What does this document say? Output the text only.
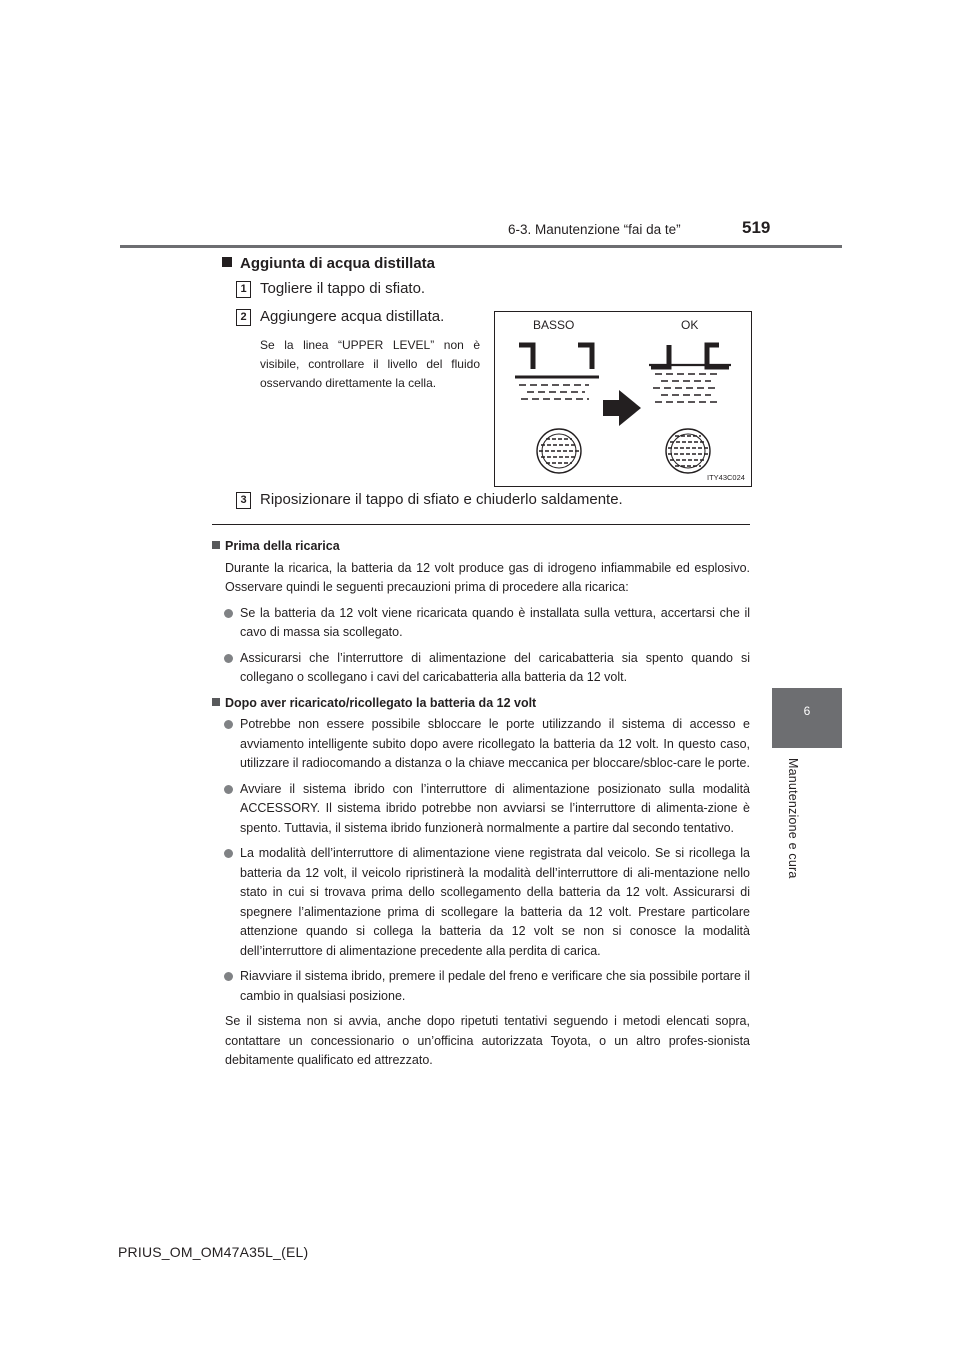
6-3. Manutenzione “fai da te”	519
6
Manutenzione e cura
Aggiunta di acqua distillata
1 Togliere il tappo di sfiato.
2 Aggiungere acqua distillata.
Se la linea “UPPER LEVEL” non è visibile, controllare il livello del fluido osservando direttamente la cella.
3 Riposizionare il tappo di sfiato e chiuderlo saldamente.
BASSO	OK
ITY43C024
Prima della ricarica
Durante la ricarica, la batteria da 12 volt produce gas di idrogeno infiammabile ed esplosivo. Osservare quindi le seguenti precauzioni prima di procedere alla ricarica:
Se la batteria da 12 volt viene ricaricata quando è installata sulla vettura, accertarsi che il cavo di massa sia scollegato.
Assicurarsi che l’interruttore di alimentazione del caricabatteria sia spento quando si collegano o scollegano i cavi del caricabatteria alla batteria da 12 volt.
Dopo aver ricaricato/ricollegato la batteria da 12 volt
Potrebbe non essere possibile sbloccare le porte utilizzando il sistema di accesso e avviamento intelligente subito dopo avere ricollegato la batteria da 12 volt. In questo caso, utilizzare il radiocomando a distanza o la chiave meccanica per bloccare/sbloc-care le porte.
Avviare il sistema ibrido con l’interruttore di alimentazione posizionato sulla modalità ACCESSORY. Il sistema ibrido potrebbe non avviarsi se l’interruttore di alimenta-zione è spento. Tuttavia, il sistema ibrido funzionerà normalmente a partire dal secondo tentativo.
La modalità dell’interruttore di alimentazione viene registrata dal veicolo. Se si ricollega la batteria da 12 volt, il veicolo ripristinerà la modalità dell’interruttore di ali-mentazione nello stato in cui si trovava prima dello scollegamento della batteria da 12 volt. Assicurarsi di spegnere l’alimentazione prima di scollegare la batteria da 12 volt. Prestare particolare attenzione quando si collega la batteria da 12 volt se non si conosce la modalità dell’interruttore di alimentazione precedente alla perdita di carica.
Riavviare il sistema ibrido, premere il pedale del freno e verificare che sia possibile portare il cambio in qualsiasi posizione.
Se il sistema non si avvia, anche dopo ripetuti tentativi seguendo i metodi elencati sopra, contattare un concessionario o un’officina autorizzata Toyota, o un altro profes-sionista debitamente qualificato ed attrezzato.
PRIUS_OM_OM47A35L_(EL)
